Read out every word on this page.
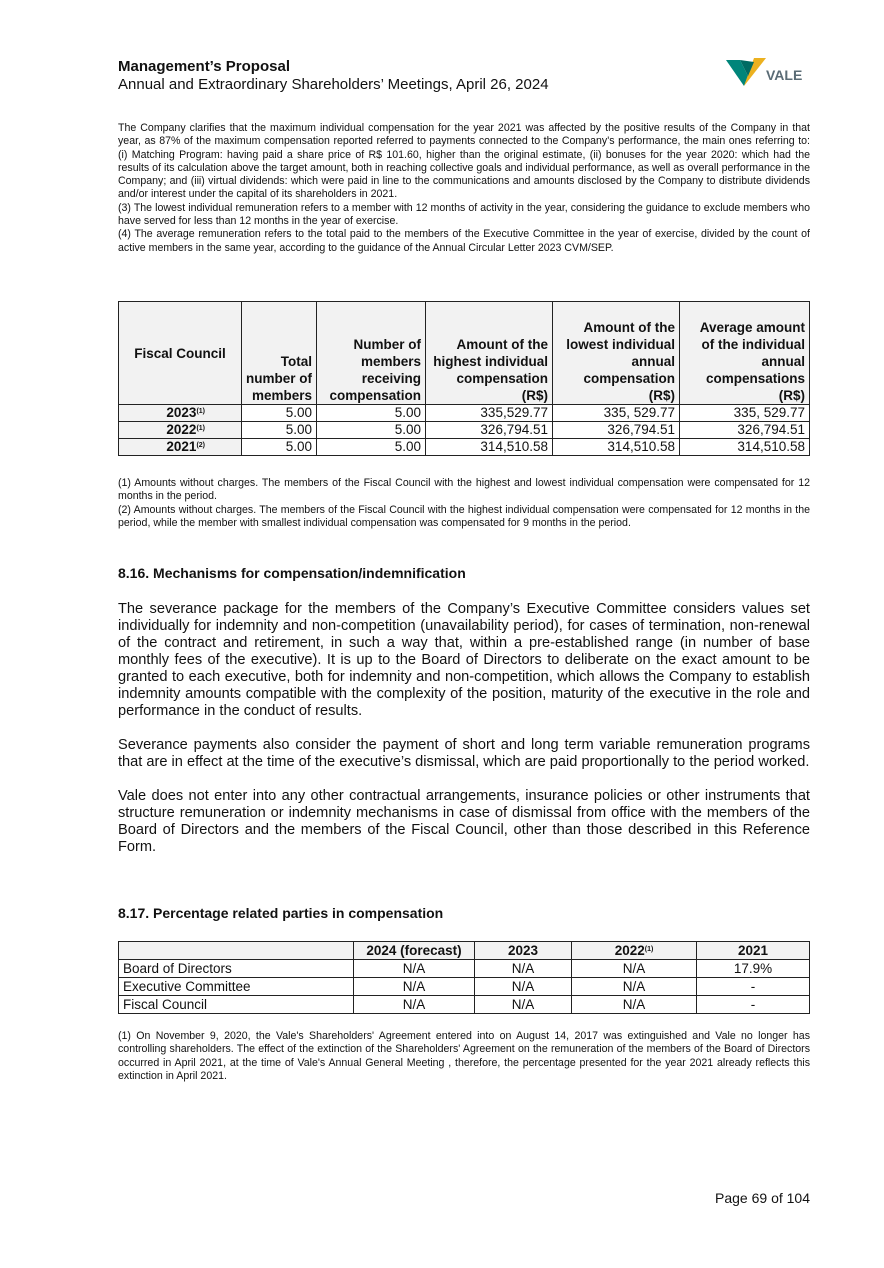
Management’s Proposal
Annual and Extraordinary Shareholders’ Meetings, April 26, 2024
VALE

The Company clarifies that the maximum individual compensation for the year 2021 was affected by the positive results of the Company in that year, as 87% of the maximum compensation reported referred to payments connected to the Company's performance, the main ones referring to: (i) Matching Program: having paid a share price of R$ 101.60, higher than the original estimate, (ii) bonuses for the year 2020: which had the results of its calculation above the target amount, both in reaching collective goals and individual performance, as well as overall performance in the Company; and (iii) virtual dividends: which were paid in line to the communications and amounts disclosed by the Company to distribute dividends and/or interest under the capital of its shareholders in 2021.

(3) The lowest individual remuneration refers to a member with 12 months of activity in the year, considering the guidance to exclude members who have served for less than 12 months in the year of exercise.

(4) The average remuneration refers to the total paid to the members of the Executive Committee in the year of exercise, divided by the count of active members in the same year, according to the guidance of the Annual Circular Letter 2023 CVM/SEP.

Fiscal Council	Total number of members	Number of members receiving compensation	Amount of the highest individual compensation (R$)	Amount of the lowest individual annual compensation (R$)	Average amount of the individual annual compensations (R$)
2023$^{(1)}$	5.00	5.00	335,529.77	335, 529.77	335, 529.77
2022$^{(1)}$	5.00	5.00	326,794.51	326,794.51	326,794.51
2021$^{(2)}$	5.00	5.00	314,510.58	314,510.58	314,510.58

(1) Amounts without charges. The members of the Fiscal Council with the highest and lowest individual compensation were compensated for 12 months in the period.

(2) Amounts without charges. The members of the Fiscal Council with the highest individual compensation were compensated for 12 months in the period, while the member with smallest individual compensation was compensated for 9 months in the period.

8.16. Mechanisms for compensation/indemnification

The severance package for the members of the Company’s Executive Committee considers values set individually for indemnity and non-competition (unavailability period), for cases of termination, non-renewal of the contract and retirement, in such a way that, within a pre-established range (in number of base monthly fees of the executive). It is up to the Board of Directors to deliberate on the exact amount to be granted to each executive, both for indemnity and non-competition, which allows the Company to establish indemnity amounts compatible with the complexity of the position, maturity of the executive in the role and performance in the conduct of results.

Severance payments also consider the payment of short and long term variable remuneration programs that are in effect at the time of the executive’s dismissal, which are paid proportionally to the period worked.

Vale does not enter into any other contractual arrangements, insurance policies or other instruments that structure remuneration or indemnity mechanisms in case of dismissal from office with the members of the Board of Directors and the members of the Fiscal Council, other than those described in this Reference Form.

8.17. Percentage related parties in compensation
	2024 (forecast)	2023	2022$^{(1)}$	2021
Board of Directors	N/A	N/A	N/A	17.9%
Executive Committee	N/A	N/A	N/A	-
Fiscal Council	N/A	N/A	N/A	-

(1) On November 9, 2020, the Vale's Shareholders' Agreement entered into on August 14, 2017 was extinguished and Vale no longer has controlling shareholders. The effect of the extinction of the Shareholders' Agreement on the remuneration of the members of the Board of Directors occurred in April 2021, at the time of Vale's Annual General Meeting , therefore, the percentage presented for the year 2021 already reflects this extinction in April 2021.

Page 69 of 104
